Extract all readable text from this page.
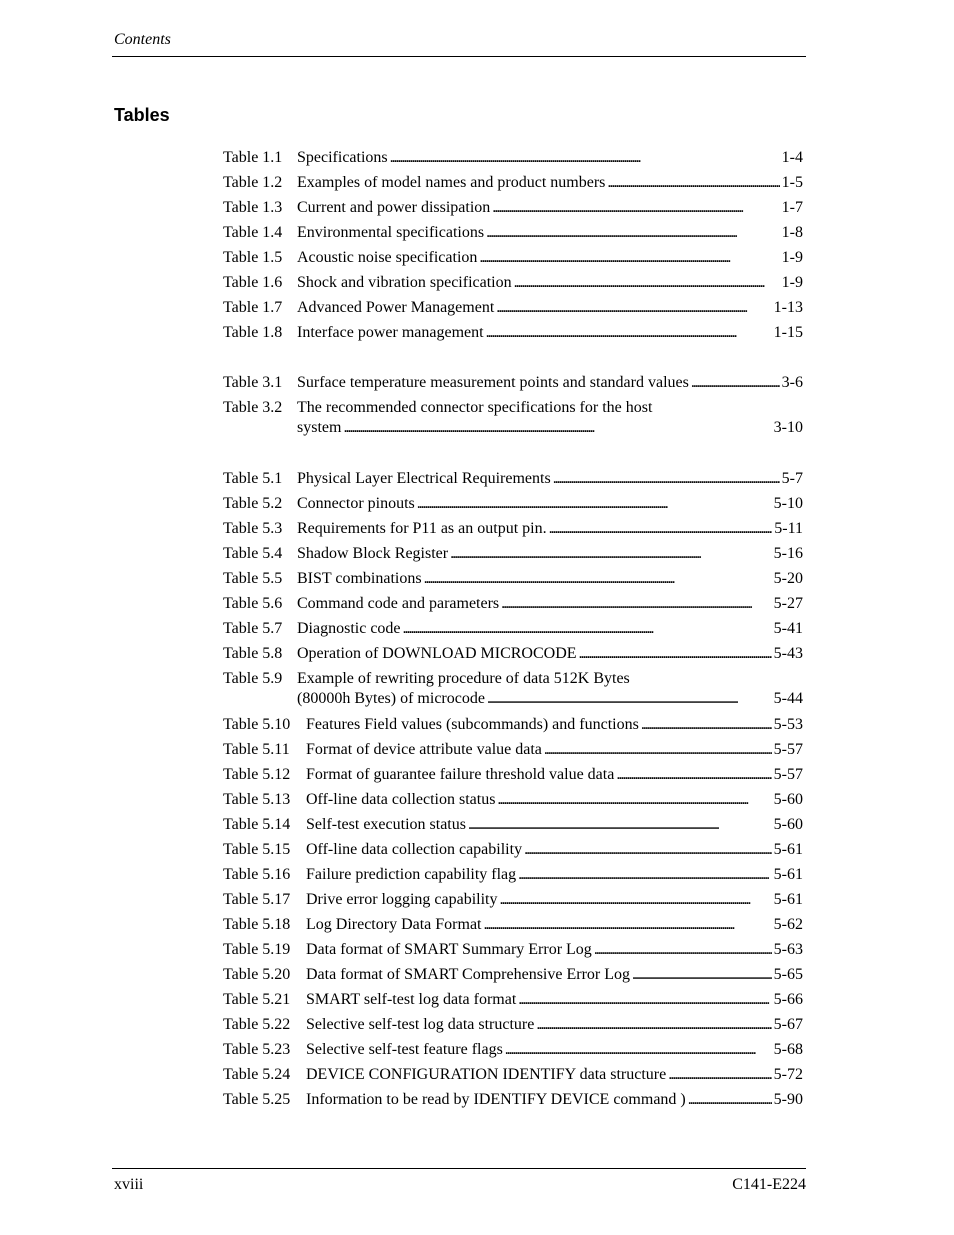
Contents
Tables
Table 1.1 Specifications . . .	1-4
Table 1.2 Examples of model names and product numbers . . .	1-5
Table 1.3 Current and power dissipation . . .	1-7
Table 1.4 Environmental specifications . . .	1-8
Table 1.5 Acoustic noise specification . . .	1-9
Table 1.6 Shock and vibration specification . . .	1-9
Table 1.7 Advanced Power Management . . .	1-13
Table 1.8 Interface power management . . .	1-15
Table 3.1 Surface temperature measurement points and standard values . . .	3-6
Table 3.2 The recommended connector specifications for the host
system . . .	3-10
Table 5.1 Physical Layer Electrical Requirements . . .	5-7
Table 5.2 Connector pinouts . . .	5-10
Table 5.3 Requirements for P11 as an output pin. . . .	5-11
Table 5.4 Shadow Block Register . . .	5-16
Table 5.5 BIST combinations . . .	5-20
Table 5.6 Command code and parameters . . .	5-27
Table 5.7 Diagnostic code . . .	5-41
Table 5.8 Operation of DOWNLOAD MICROCODE . . .	5-43
Table 5.9 Example of rewriting procedure of data 512K Bytes
(80000h Bytes) of microcode . . .	5-44
Table 5.10 Features Field values (subcommands) and functions . . .	5-53
Table 5.11	Format of device attribute value data . . .	5-57
Table 5.12 Format of guarantee failure threshold value data . . .	5-57
Table 5.13 Off-line data collection status . . .	5-60
Table 5.14 Self-test execution status . . .	5-60
Table 5.15 Off-line data collection capability . . .	5-61
Table 5.16 Failure prediction capability flag . . .	5-61
Table 5.17 Drive error logging capability . . .	5-61
Table 5.18 Log Directory Data Format . . .	5-62
Table 5.19 Data format of SMART Summary Error Log . . .	5-63
Table 5.20 Data format of SMART Comprehensive Error Log . . .	5-65
Table 5.21 SMART self-test log data format . . .	5-66
Table 5.22 Selective self-test log data structure . . .	5-67
Table 5.23 Selective self-test feature flags . . .	5-68
Table 5.24 DEVICE CONFIGURATION IDENTIFY data structure . . .	5-72
Table 5.25 Information to be read by IDENTIFY DEVICE command ) . . .	5-90
xviii	C141-E224
